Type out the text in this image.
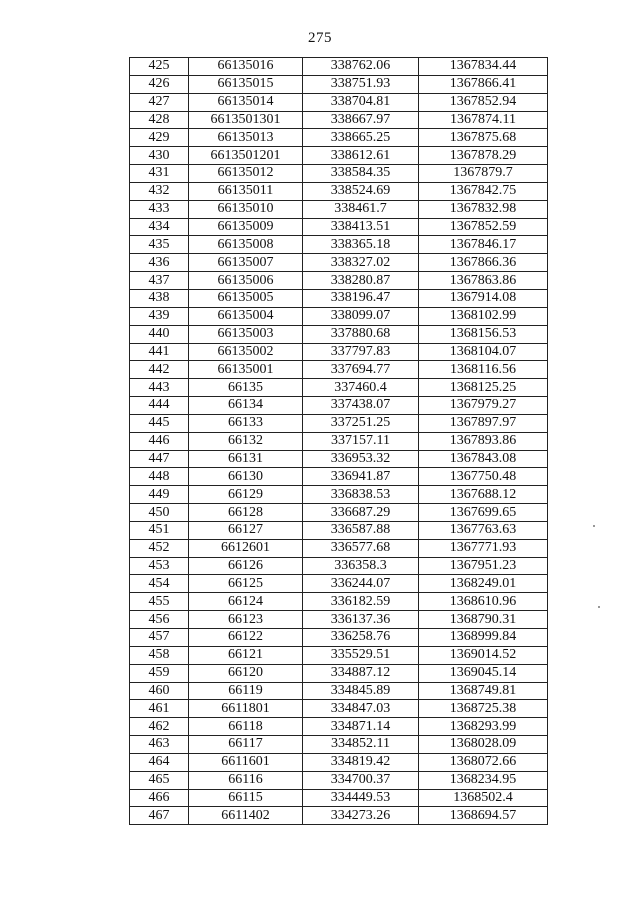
275
425	66135016	338762.06	1367834.44
426	66135015	338751.93	1367866.41
427	66135014	338704.81	1367852.94
428	6613501301	338667.97	1367874.11
429	66135013	338665.25	1367875.68
430	6613501201	338612.61	1367878.29
431	66135012	338584.35	1367879.7
432	66135011	338524.69	1367842.75
433	66135010	338461.7	1367832.98
434	66135009	338413.51	1367852.59
435	66135008	338365.18	1367846.17
436	66135007	338327.02	1367866.36
437	66135006	338280.87	1367863.86
438	66135005	338196.47	1367914.08
439	66135004	338099.07	1368102.99
440	66135003	337880.68	1368156.53
441	66135002	337797.83	1368104.07
442	66135001	337694.77	1368116.56
443	66135	337460.4	1368125.25
444	66134	337438.07	1367979.27
445	66133	337251.25	1367897.97
446	66132	337157.11	1367893.86
447	66131	336953.32	1367843.08
448	66130	336941.87	1367750.48
449	66129	336838.53	1367688.12
450	66128	336687.29	1367699.65
451	66127	336587.88	1367763.63
452	6612601	336577.68	1367771.93
453	66126	336358.3	1367951.23
454	66125	336244.07	1368249.01
455	66124	336182.59	1368610.96
456	66123	336137.36	1368790.31
457	66122	336258.76	1368999.84
458	66121	335529.51	1369014.52
459	66120	334887.12	1369045.14
460	66119	334845.89	1368749.81
461	6611801	334847.03	1368725.38
462	66118	334871.14	1368293.99
463	66117	334852.11	1368028.09
464	6611601	334819.42	1368072.66
465	66116	334700.37	1368234.95
466	66115	334449.53	1368502.4
467	6611402	334273.26	1368694.57
